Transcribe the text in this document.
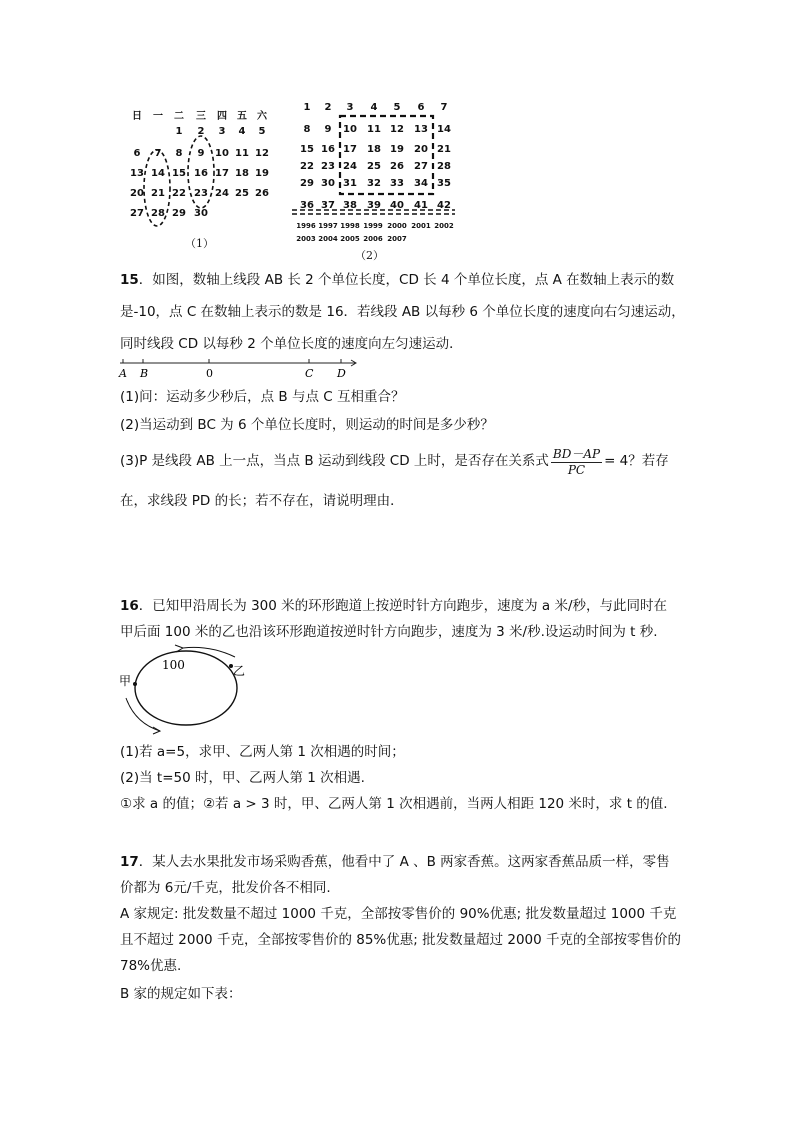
日 一 二 三 四 五 六
1 2 3 4 5
6 7 8 9 10 11 12
13 14 15 16 17 18 19
20 21 22 23 24 25 26
27 28 29 30
1 2 3 4 5 6 7
8 9 10 11 12 13 14
15 16 17 18 19 20 21
22 23 24 25 26 27 28
29 30 31 32 33 34 35
36 37 38 39 40 41 42
1996 1997 1998 1999 2000 2001 2002
2003 2004 2005 2006 2007
（1）
（2）
15．如图，数轴上线段 AB 长 2 个单位长度，CD 长 4 个单位长度，点 A 在数轴上表示的数
是-10，点 C 在数轴上表示的数是 16．若线段 AB 以每秒 6 个单位长度的速度向右匀速运动，
同时线段 CD 以每秒 2 个单位长度的速度向左匀速运动．
A B	0	C D
(1)问：运动多少秒后，点 B 与点 C 互相重合？
(2)当运动到 BC 为 6 个单位长度时，则运动的时间是多少秒？
(3)P 是线段 AB 上一点，当点 B 运动到线段 CD 上时，是否存在关系式 $\frac{BD-AP}{PC} = 4$？若存
在，求线段 PD 的长；若不存在，请说明理由．
16．已知甲沿周长为 300 米的环形跑道上按逆时针方向跑步，速度为 a 米/秒，与此同时在
甲后面 100 米的乙也沿该环形跑道按逆时针方向跑步，速度为 3 米/秒.设运动时间为 t 秒.
100
甲
乙
(1)若 a=5，求甲、乙两人第 1 次相遇的时间；
(2)当 t=50 时，甲、乙两人第 1 次相遇.
①求 a 的值；②若 a > 3 时，甲、乙两人第 1 次相遇前，当两人相距 120 米时，求 t 的值.
17．某人去水果批发市场采购香蕉，他看中了 A 、B 两家香蕉。这两家香蕉品质一样，零售
价都为 6元/千克，批发价各不相同.
A 家规定: 批发数量不超过 1000 千克，全部按零售价的 90%优惠; 批发数量超过 1000 千克
且不超过 2000 千克，全部按零售价的 85%优惠; 批发数量超过 2000 千克的全部按零售价的
78%优惠.
B 家的规定如下表：
